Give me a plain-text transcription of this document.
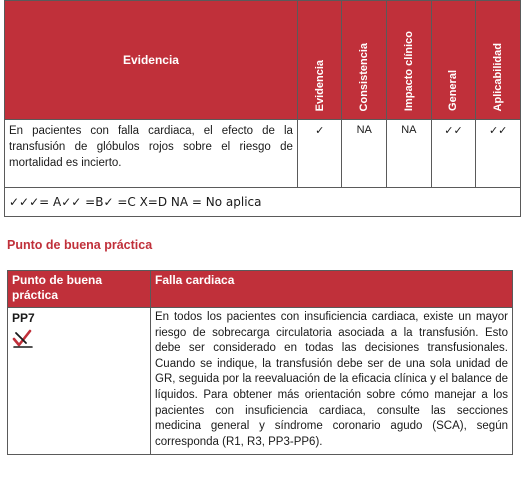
Evidencia	Evidencia	Consistencia	Impacto clínico	General	Aplicabilidad

En pacientes con falla cardiaca, el efecto de la transfusión de glóbulos rojos sobre el riesgo de mortalidad es incierto.	✓	NA	NA	✓✓	✓✓
✓✓✓= A✓✓ =B✓ =C X=D NA = No aplica					
Punto de buena práctica
Punto de buena práctica	Falla cardiaca
PP7	En todos los pacientes con insuficiencia cardiaca, existe un mayor riesgo de sobrecarga circulatoria asociada a la transfusión. Esto debe ser considerado en todas las decisiones transfusionales. Cuando se indique, la transfusión debe ser de una sola unidad de GR, seguida por la reevaluación de la eficacia clínica y el balance de líquidos. Para obtener más orientación sobre cómo manejar a los pacientes con insuficiencia cardiaca, consulte las secciones medicina general y síndrome coronario agudo (SCA), según corresponda (R1, R3, PP3-PP6).
